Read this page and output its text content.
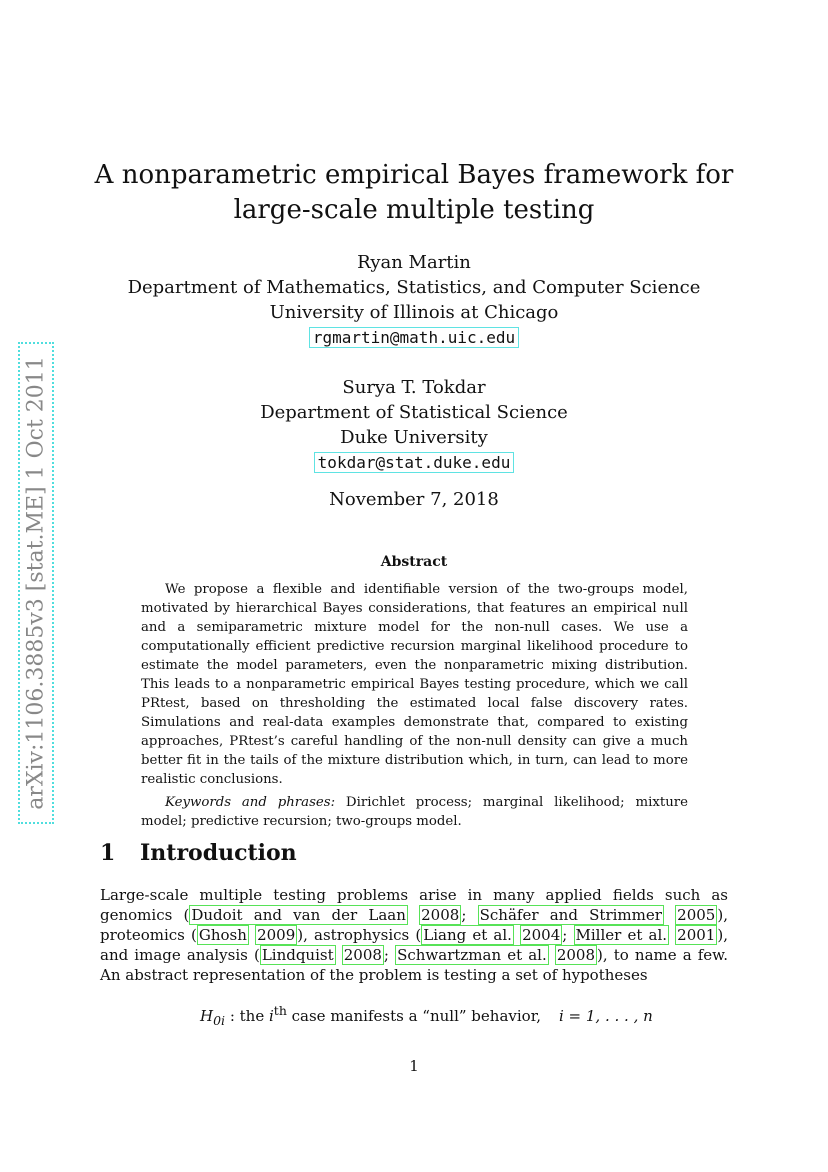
arXiv:1106.3885v3 [stat.ME] 1 Oct 2011
A nonparametric empirical Bayes framework for
large-scale multiple testing
Ryan Martin
Department of Mathematics, Statistics, and Computer Science
University of Illinois at Chicago
rgmartin@math.uic.edu
Surya T. Tokdar
Department of Statistical Science
Duke University
tokdar@stat.duke.edu
November 7, 2018
Abstract

We propose a flexible and identifiable version of the two-groups model, motivated by hierarchical Bayes considerations, that features an empirical null and a semiparametric mixture model for the non-null cases. We use a computationally efficient predictive recursion marginal likelihood procedure to estimate the model parameters, even the nonparametric mixing distribution. This leads to a nonparametric empirical Bayes testing procedure, which we call PRtest, based on thresholding the estimated local false discovery rates. Simulations and real-data examples demonstrate that, compared to existing approaches, PRtest’s careful handling of the non-null density can give a much better fit in the tails of the mixture distribution which, in turn, can lead to more realistic conclusions.

Keywords and phrases: Dirichlet process; marginal likelihood; mixture model; predictive recursion; two-groups model.

1 Introduction
Large-scale multiple testing problems arise in many applied fields such as genomics ( Dudoit and van der Laan 2008 ; Schäfer and Strimmer 2005 ), proteomics ( Ghosh 2009 ), astrophysics ( Liang et al. 2004 ; Miller et al. 2001 ), and image analysis ( Lindquist 2008 ; Schwartzman et al. 2008 ), to name a few. An abstract representation of the problem is testing a set of hypotheses
$H_{0i}$ : the $i^{th}$ case manifests a “null” behavior, i = 1, . . . , n
1
